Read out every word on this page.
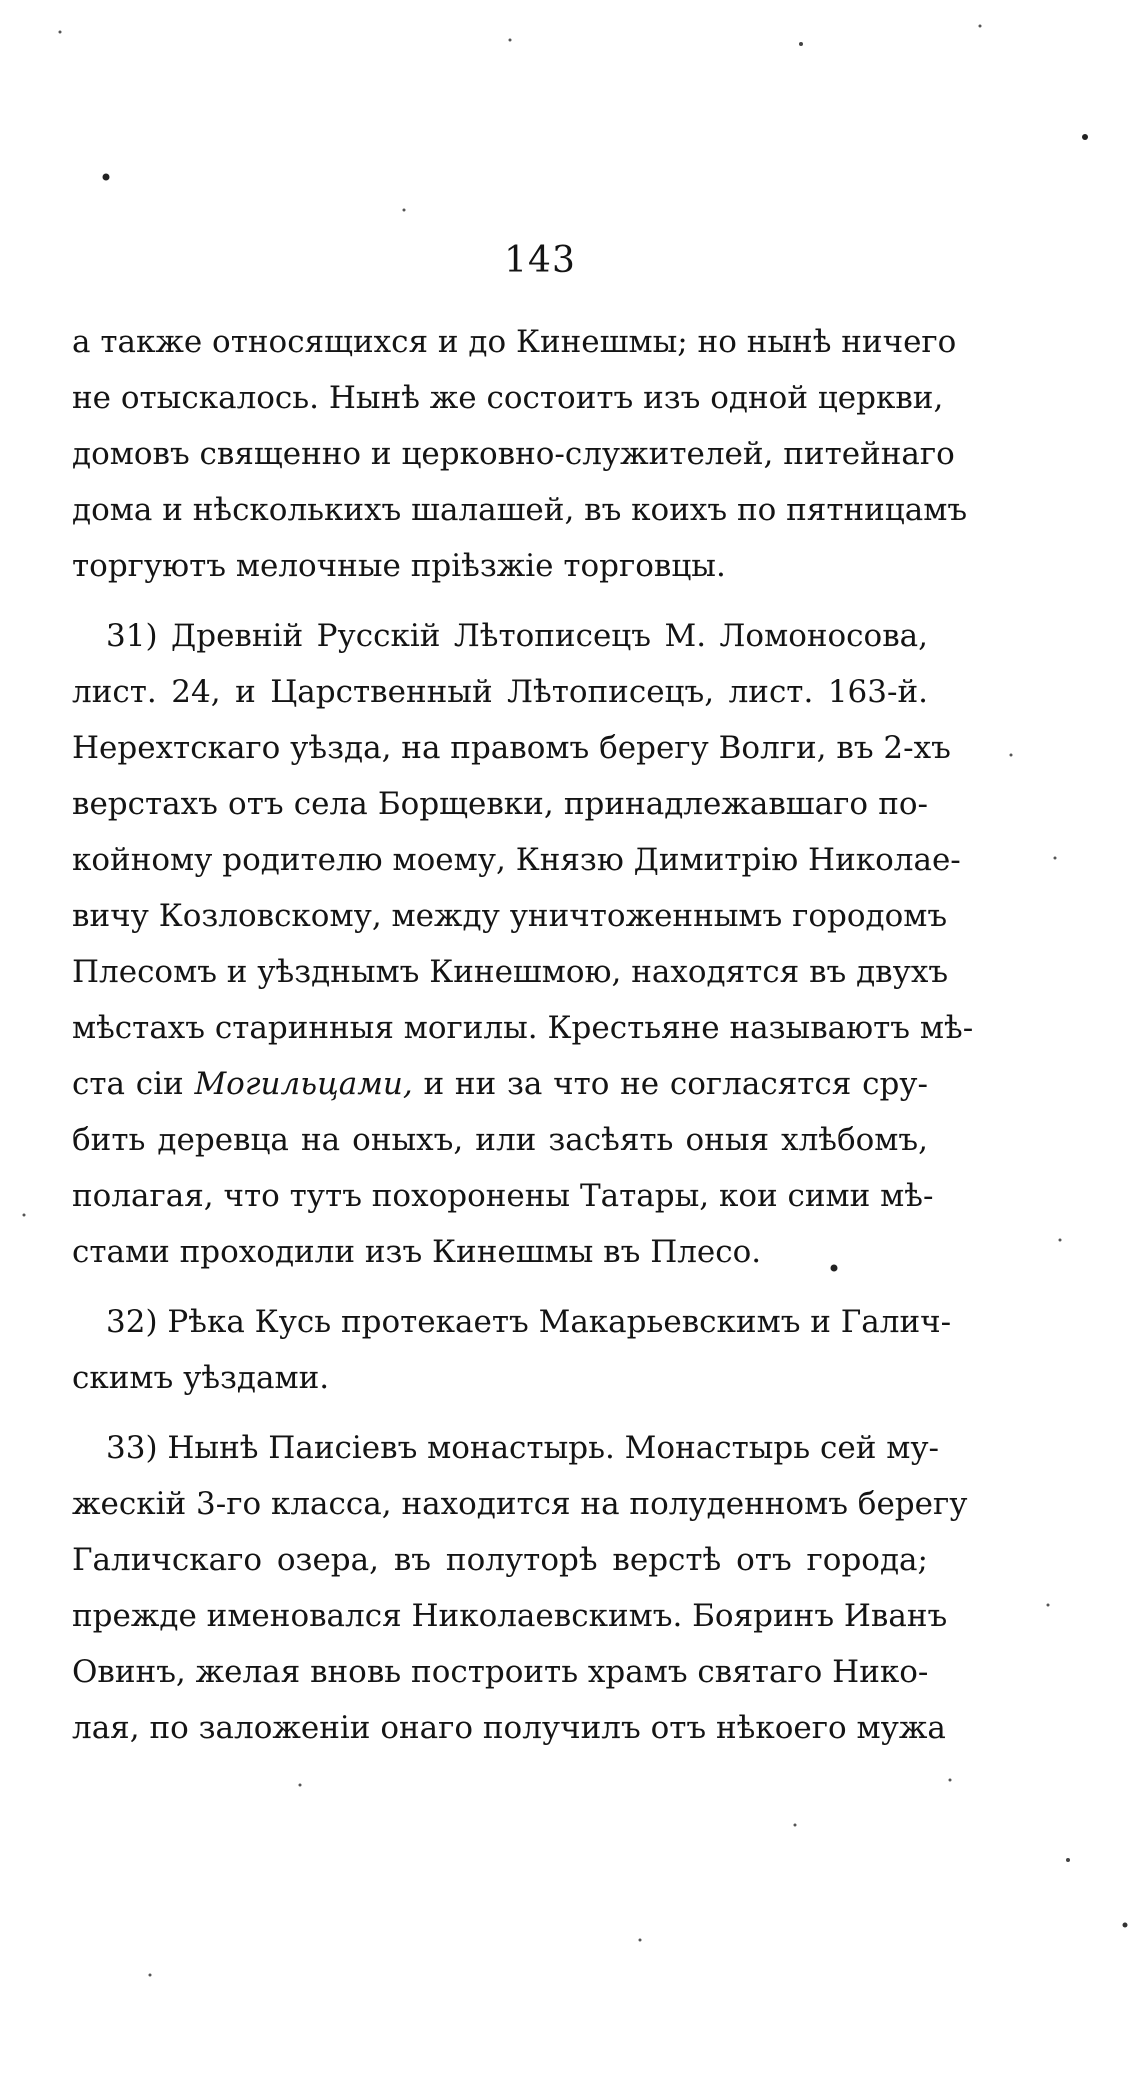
143
а также относящихся и до Кинешмы; но нынѣ ничего
не отыскалось. Нынѣ же состоитъ изъ одной церкви,
домовъ священно и церковно-служителей, питейнаго
дома и нѣсколькихъ шалашей, въ коихъ по пятницамъ
торгуютъ мелочные пріѣзжіе торговцы.
31) Древній Русскій Лѣтописецъ М. Ломоносова,
лист. 24, и Царственный Лѣтописецъ, лист. 163-й.
Нерехтскаго уѣзда, на правомъ берегу Волги, въ 2-хъ
верстахъ отъ села Борщевки, принадлежавшаго по-
койному родителю моему, Князю Димитрію Николае-
вичу Козловскому, между уничтоженнымъ городомъ
Плесомъ и уѣзднымъ Кинешмою, находятся въ двухъ
мѣстахъ старинныя могилы. Крестьяне называютъ мѣ-
ста сіи Могильцами, и ни за что не согласятся сру-
бить деревца на оныхъ, или засѣять оныя хлѣбомъ,
полагая, что тутъ похоронены Татары, кои сими мѣ-
стами проходили изъ Кинешмы въ Плесо.
32) Рѣка Кусь протекаетъ Макарьевскимъ и Галич-
скимъ уѣздами.
33) Нынѣ Паисіевъ монастырь. Монастырь сей му-
жескій 3-го класса, находится на полуденномъ берегу
Галичскаго озера, въ полуторѣ верстѣ отъ города;
прежде именовался Николаевскимъ. Бояринъ Иванъ
Овинъ, желая вновь построить храмъ святаго Нико-
лая, по заложеніи онаго получилъ отъ нѣкоего мужа
